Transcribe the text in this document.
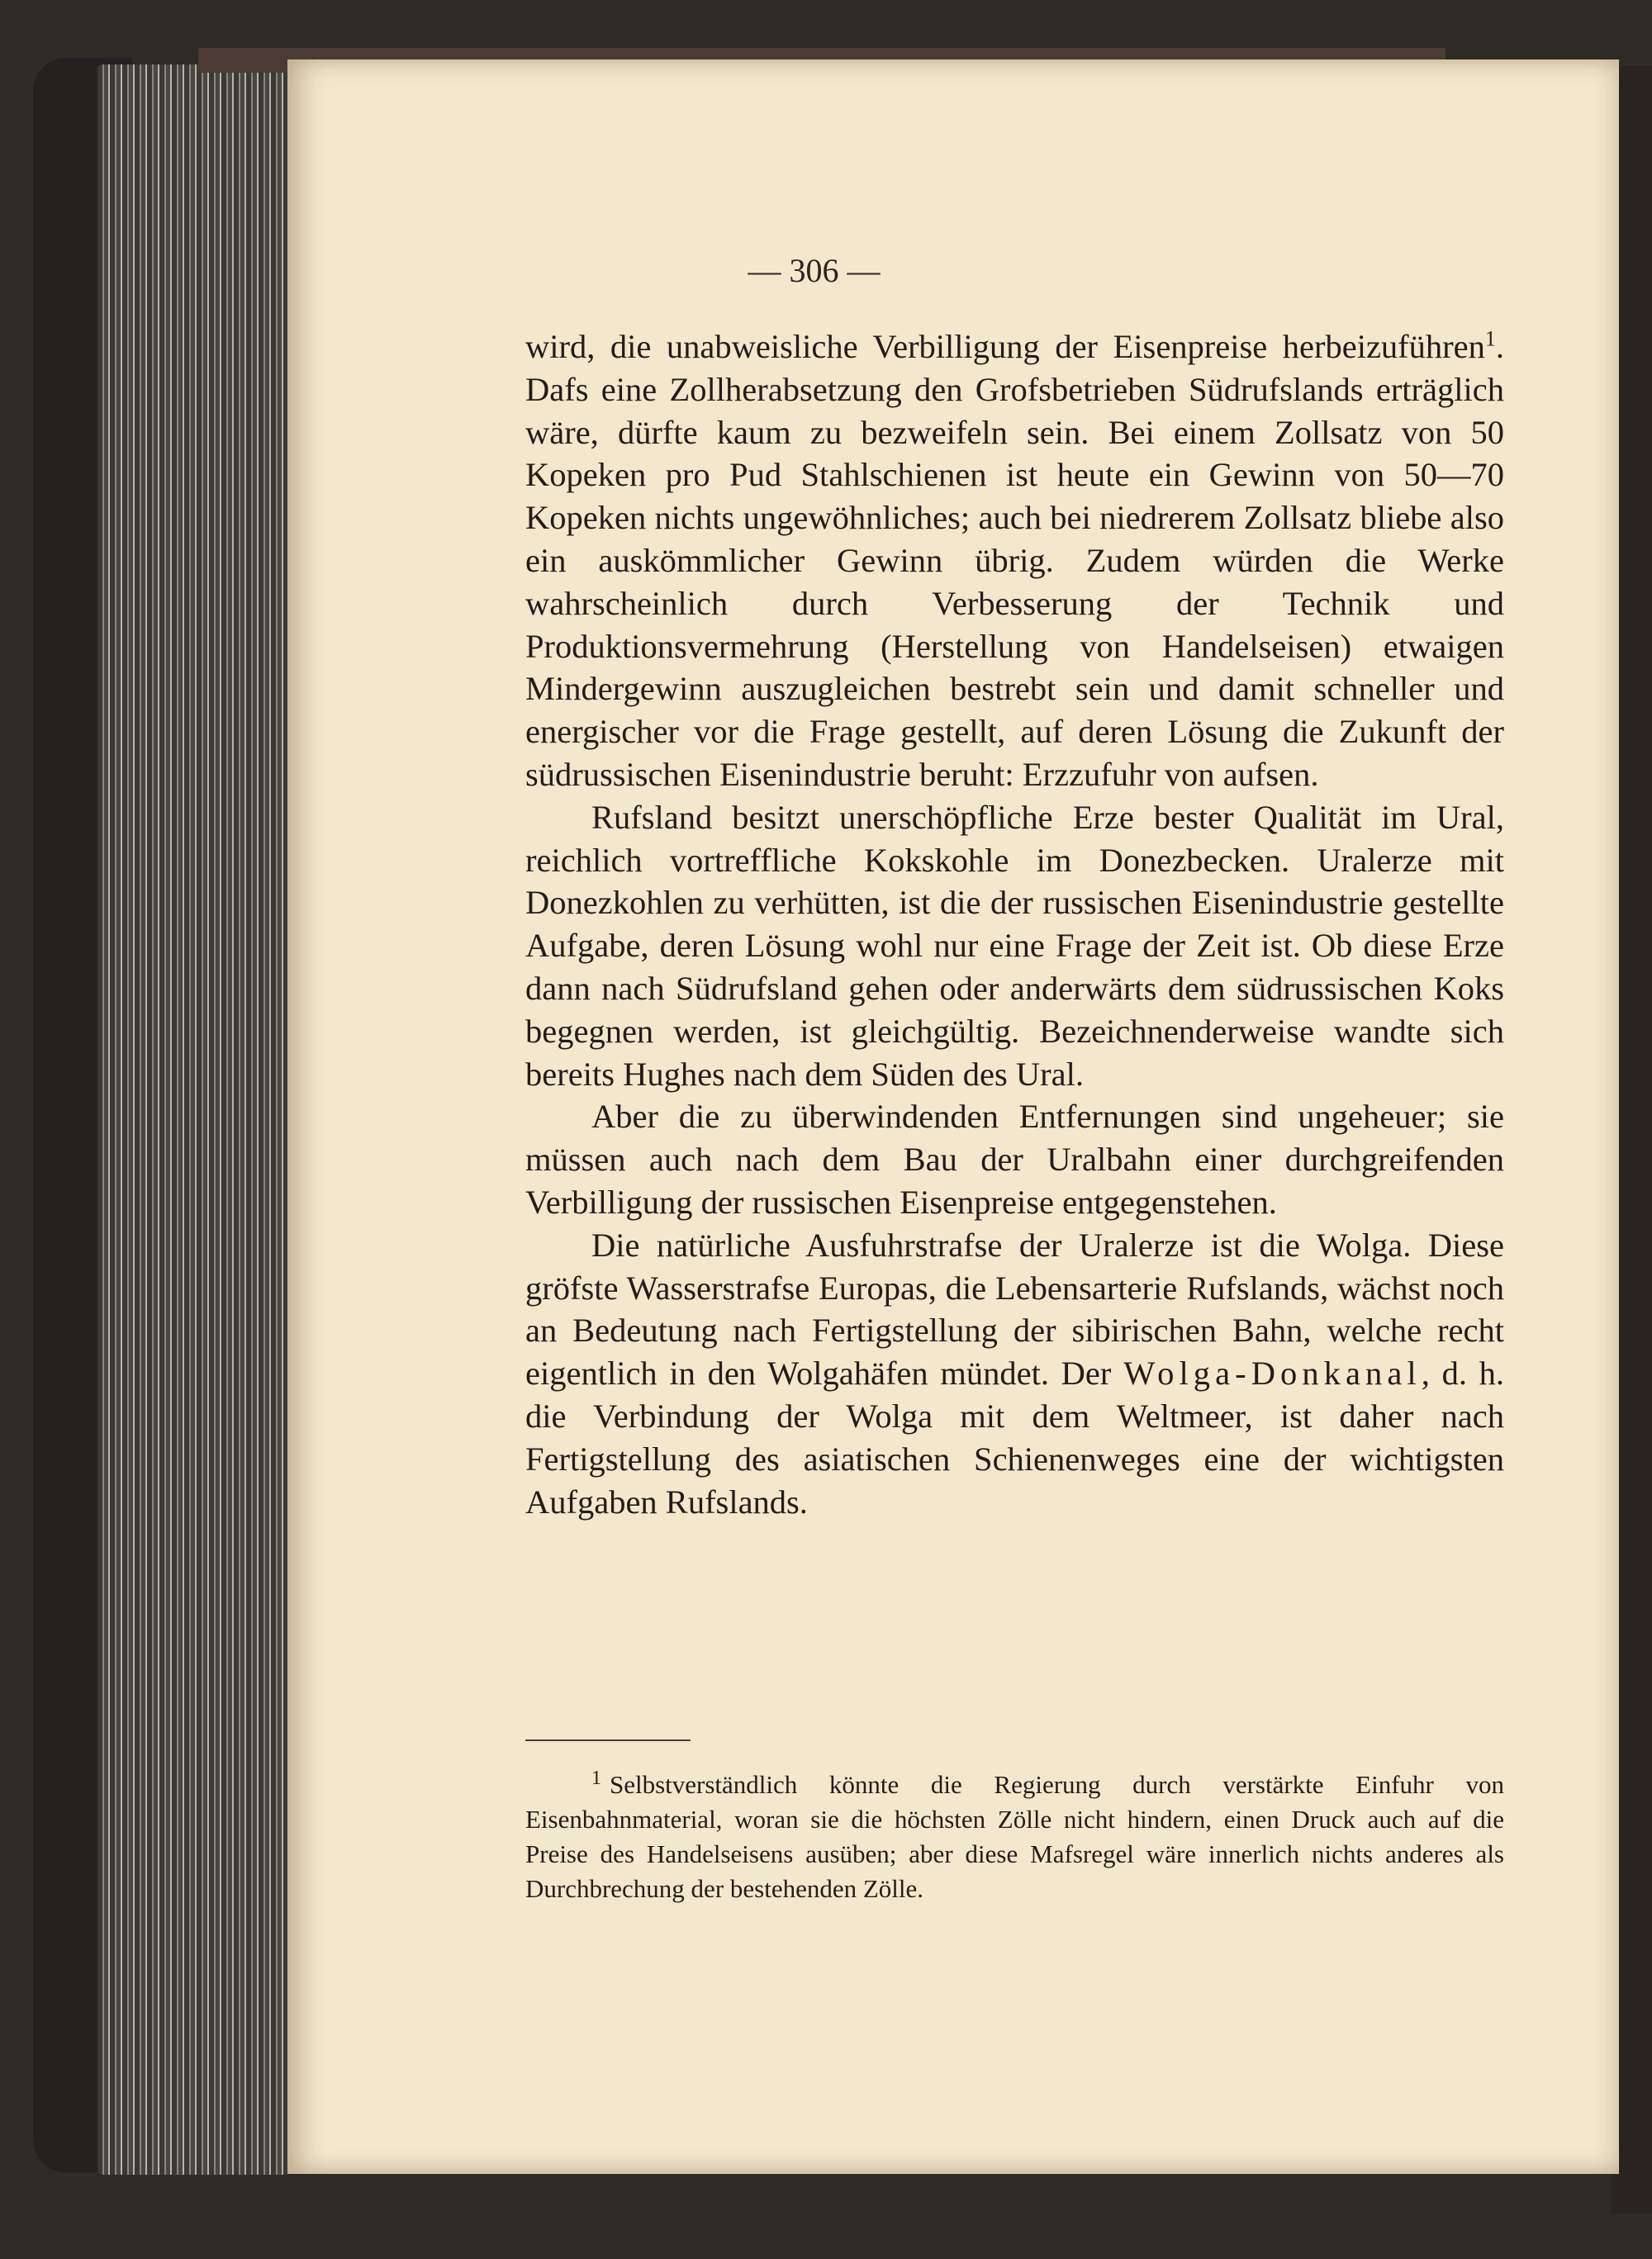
— 306 —

wird, die unabweisliche Verbilligung der Eisenpreise herbeizuführen$^1$. Dafs eine Zollherabsetzung den Grofsbetrieben Südrufslands erträglich wäre, dürfte kaum zu bezweifeln sein. Bei einem Zollsatz von 50 Kopeken pro Pud Stahlschienen ist heute ein Gewinn von 50—70 Kopeken nichts ungewöhnliches; auch bei niedrerem Zollsatz bliebe also ein auskömmlicher Gewinn übrig. Zudem würden die Werke wahrscheinlich durch Verbesserung der Technik und Produktionsvermehrung (Herstellung von Handelseisen) etwaigen Mindergewinn auszugleichen bestrebt sein und damit schneller und energischer vor die Frage gestellt, auf deren Lösung die Zukunft der südrussischen Eisenindustrie beruht: Erzzufuhr von aufsen.

Rufsland besitzt unerschöpfliche Erze bester Qualität im Ural, reichlich vortreffliche Kokskohle im Donezbecken. Uralerze mit Donezkohlen zu verhütten, ist die der russischen Eisenindustrie gestellte Aufgabe, deren Lösung wohl nur eine Frage der Zeit ist. Ob diese Erze dann nach Südrufsland gehen oder anderwärts dem südrussischen Koks begegnen werden, ist gleichgültig. Bezeichnenderweise wandte sich bereits Hughes nach dem Süden des Ural.

Aber die zu überwindenden Entfernungen sind ungeheuer; sie müssen auch nach dem Bau der Uralbahn einer durchgreifenden Verbilligung der russischen Eisenpreise entgegenstehen.

Die natürliche Ausfuhrstrafse der Uralerze ist die Wolga. Diese gröfste Wasserstrafse Europas, die Lebensarterie Rufslands, wächst noch an Bedeutung nach Fertigstellung der sibirischen Bahn, welche recht eigentlich in den Wolgahäfen mündet. Der Wolga-Donkanal, d. h. die Verbindung der Wolga mit dem Weltmeer, ist daher nach Fertigstellung des asiatischen Schienenweges eine der wichtigsten Aufgaben Rufslands.

$^1$ Selbstverständlich könnte die Regierung durch verstärkte Einfuhr von Eisenbahnmaterial, woran sie die höchsten Zölle nicht hindern, einen Druck auch auf die Preise des Handelseisens ausüben; aber diese Mafsregel wäre innerlich nichts anderes als Durchbrechung der bestehenden Zölle.
